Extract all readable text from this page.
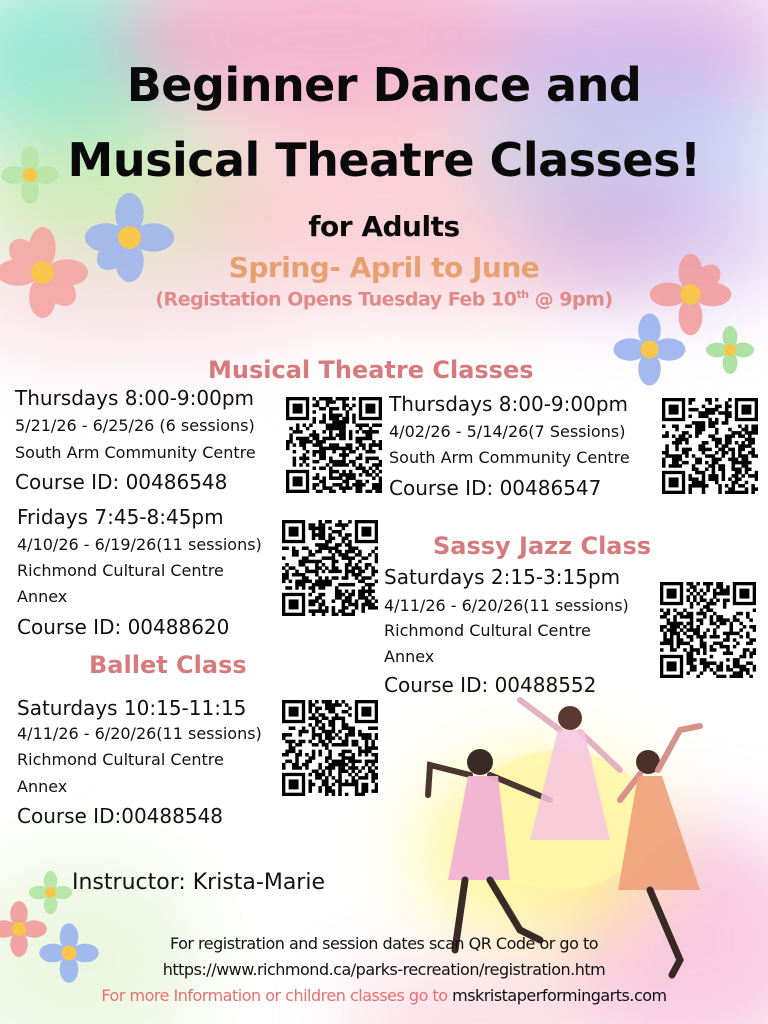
Beginner Dance and
Musical Theatre Classes!
for Adults
Spring- April to June
(Registation Opens Tuesday Feb 10th @ 9pm)
Musical Theatre Classes
Thursdays 8:00-9:00pm
5/21/26 - 6/25/26 (6 sessions)
South Arm Community Centre
Course ID: 00486548
Thursdays 8:00-9:00pm
4/02/26 - 5/14/26(7 Sessions)
South Arm Community Centre
Course ID: 00486547
Fridays 7:45-8:45pm
4/10/26 - 6/19/26(11 sessions)
Richmond Cultural Centre
Annex
Course ID: 00488620
Sassy Jazz Class
Saturdays 2:15-3:15pm
4/11/26 - 6/20/26(11 sessions)
Richmond Cultural Centre
Annex
Course ID: 00488552
Ballet Class
Saturdays 10:15-11:15
4/11/26 - 6/20/26(11 sessions)
Richmond Cultural Centre
Annex
Course ID:00488548
Instructor: Krista-Marie
For registration and session dates scan QR Code or go to
https://www.richmond.ca/parks-recreation/registration.htm
For more Information or children classes go to mskristaperformingarts.com
